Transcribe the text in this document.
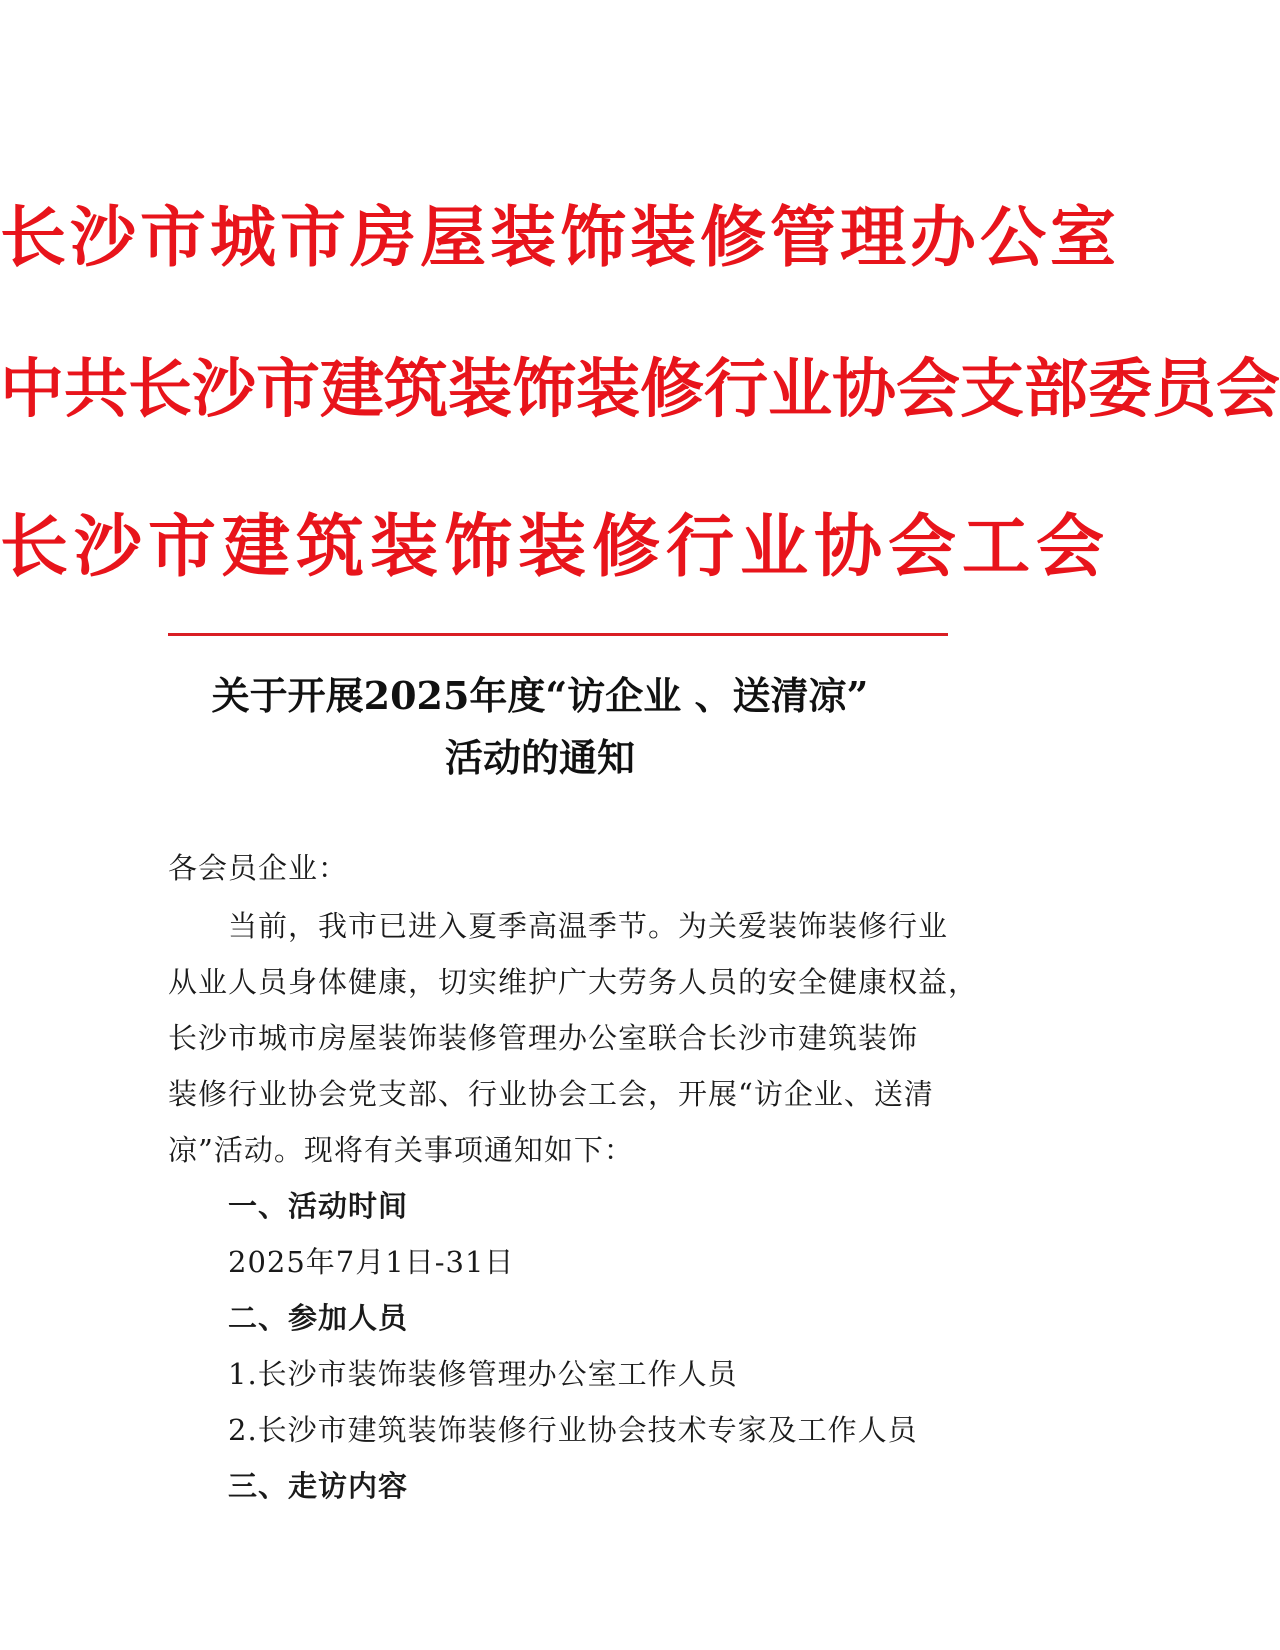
长沙市城市房屋装饰装修管理办公室
中共长沙市建筑装饰装修行业协会支部委员会
长沙市建筑装饰装修行业协会工会
关于开展2025年度“访企业 、送清凉”
活动的通知
各会员企业：
当前，我市已进入夏季高温季节。为关爱装饰装修行业
从业人员身体健康，切实维护广大劳务人员的安全健康权益，
长沙市城市房屋装饰装修管理办公室联合长沙市建筑装饰
装修行业协会党支部、行业协会工会，开展“访企业、送清
凉”活动。现将有关事项通知如下：
一、活动时间
2025年7月1日-31日
二、参加人员
1.长沙市装饰装修管理办公室工作人员
2.长沙市建筑装饰装修行业协会技术专家及工作人员
三、走访内容
